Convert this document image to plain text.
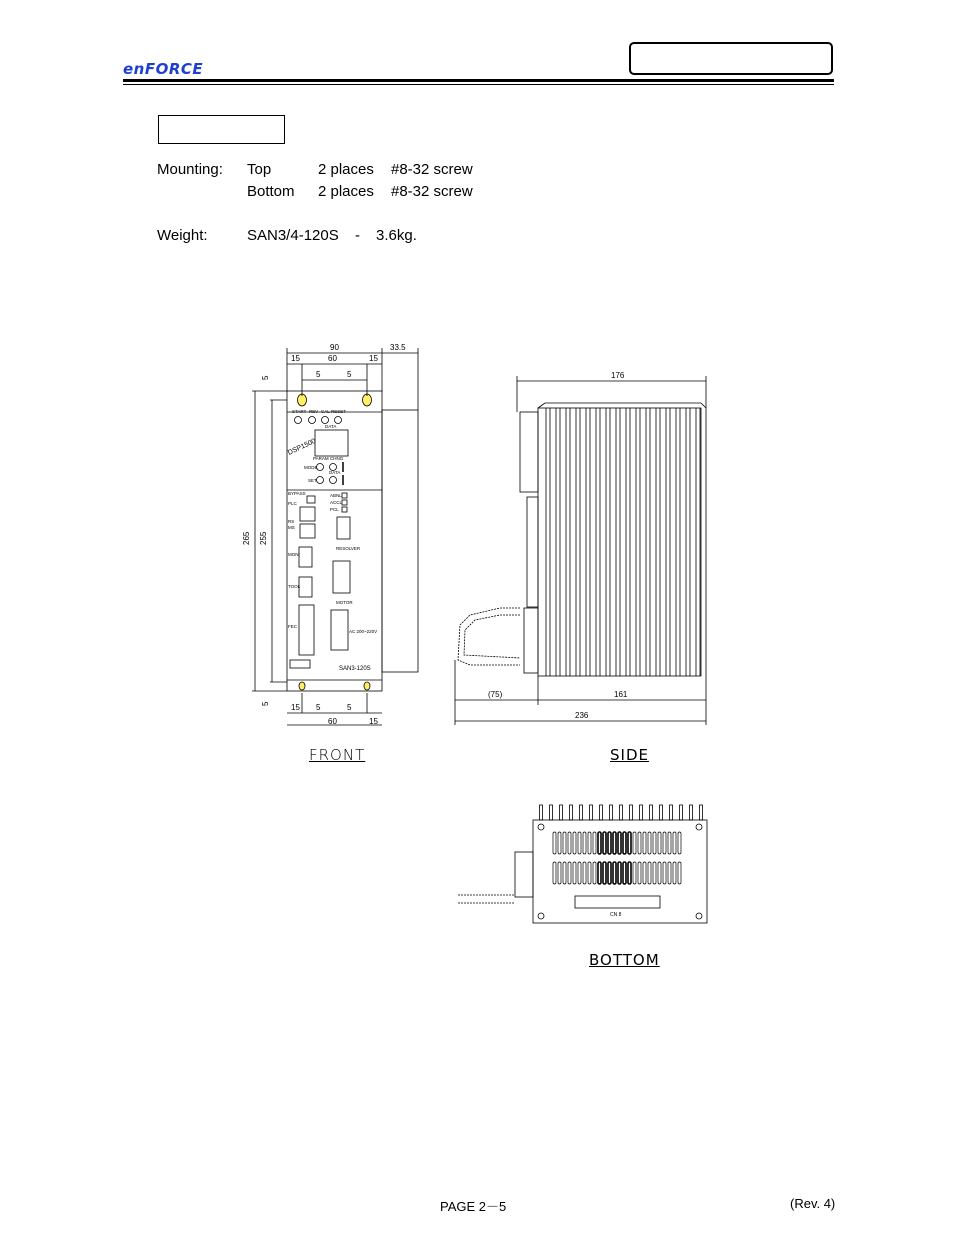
enFORCE
Mounting: Top	2 places #8-32 screw
Bottom 2 places #8-32 screw
Weight:	SAN3/4-120S - 3.6kg.
90	33.5
15	60	15
5	5
15 5	5
60	15
265 255
5
5
START REV CAL RESET
DATA
DSP1500
MODE
SET
PARAM CHNG
DATA
BYPASS
PLC
RS
MS
ABNL
ACCL
PCL
MONI
RESOLVER
TOOL
MOTOR
AC 200~220V
FEC
SAN3-120S
176
(75)	161
236
CN 8
FRONT	SIDE
BOTTOM
PAGE 2－5	(Rev. 4)
